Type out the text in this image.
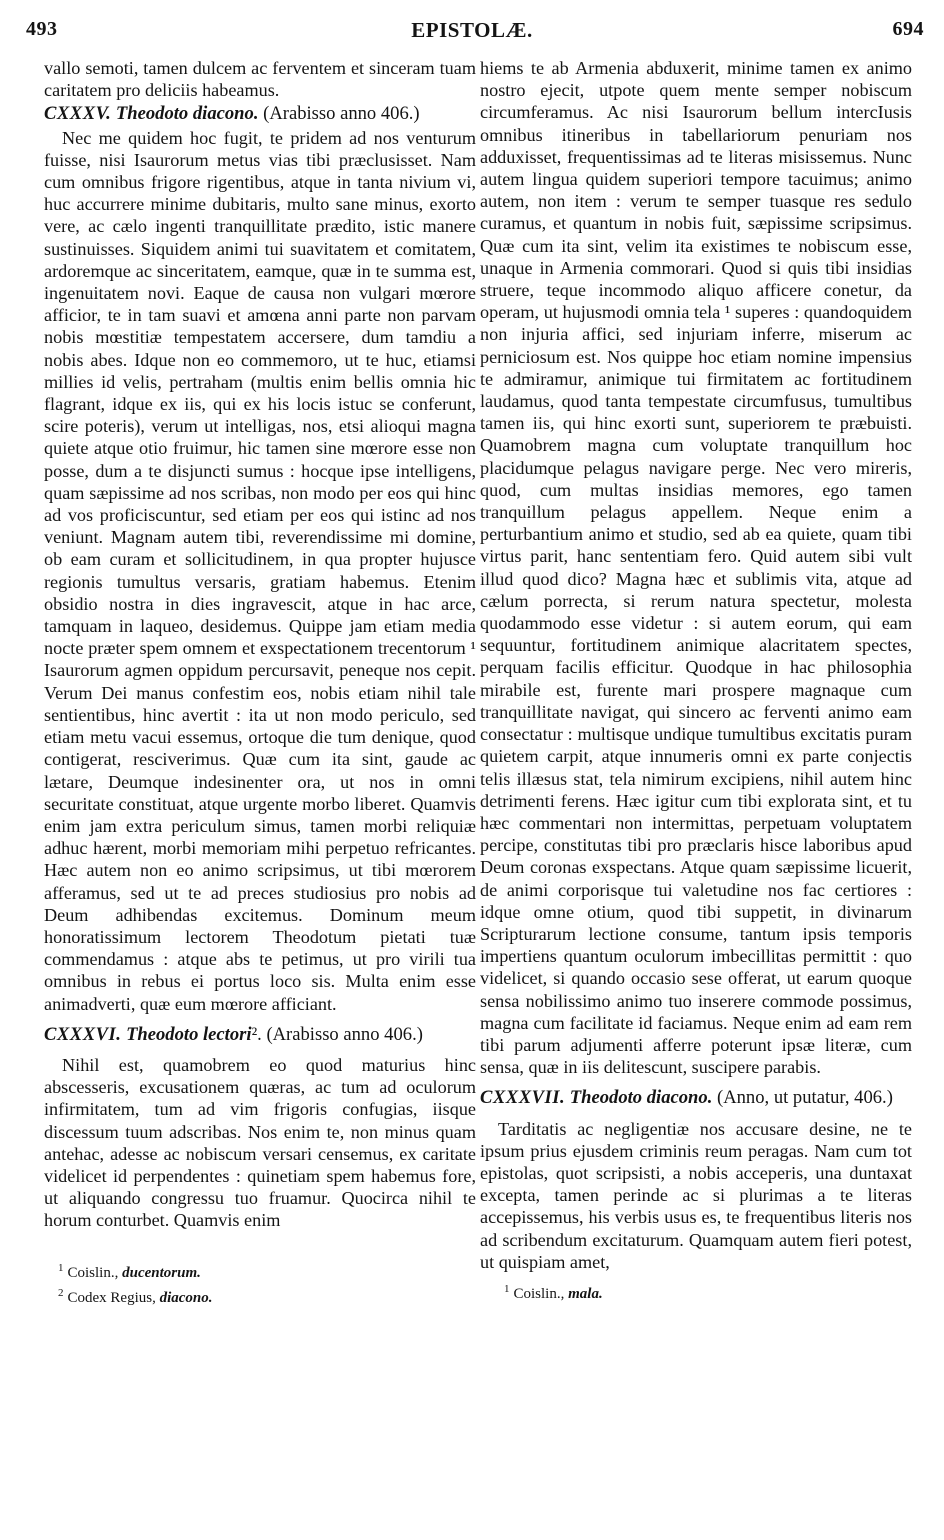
493	EPISTOLÆ.	694

vallo semoti, tamen dulcem ac ferventem et sinceram tuam caritatem pro deliciis habeamus.

CXXXV. Theodoto diacono. (Arabisso anno 406.)

Nec me quidem hoc fugit, te pridem ad nos venturum fuisse, nisi Isaurorum metus vias tibi præclusisset. Nam cum omnibus frigore rigentibus, atque in tanta nivium vi, huc accurrere minime dubitaris, multo sane minus, exorto vere, ac cælo ingenti tranquillitate prædito, istic manere sustinuisses. Siquidem animi tui suavitatem et comitatem, ardoremque ac sinceritatem, eamque, quæ in te summa est, ingenuitatem novi. Eaque de causa non vulgari mœrore afficior, te in tam suavi et amœna anni parte non parvam nobis mœstitiæ tempestatem accersere, dum tamdiu a nobis abes. Idque non eo commemoro, ut te huc, etiamsi millies id velis, pertraham (multis enim bellis omnia hic flagrant, idque ex iis, qui ex his locis istuc se conferunt, scire poteris), verum ut intelligas, nos, etsi alioqui magna quiete atque otio fruimur, hic tamen sine mœrore esse non posse, dum a te disjuncti sumus : hocque ipse intelligens, quam sæpissime ad nos scribas, non modo per eos qui hinc ad vos proficiscuntur, sed etiam per eos qui istinc ad nos veniunt. Magnam autem tibi, reverendissime mi domine, ob eam curam et sollicitudinem, in qua propter hujusce regionis tumultus versaris, gratiam habemus. Etenim obsidio nostra in dies ingravescit, atque in hac arce, tamquam in laqueo, desidemus. Quippe jam etiam media nocte præter spem omnem et exspectationem trecentorum ¹ Isaurorum agmen oppidum percursavit, peneque nos cepit. Verum Dei manus confestim eos, nobis etiam nihil tale sentientibus, hinc avertit : ita ut non modo periculo, sed etiam metu vacui essemus, ortoque die tum denique, quod contigerat, resciverimus. Quæ cum ita sint, gaude ac lætare, Deumque indesinenter ora, ut nos in omni securitate constituat, atque urgente morbo liberet. Quamvis enim jam extra periculum simus, tamen morbi reliquiæ adhuc hærent, morbi memoriam mihi perpetuo refricantes. Hæc autem non eo animo scripsimus, ut tibi mœrorem afferamus, sed ut te ad preces studiosius pro nobis ad Deum adhibendas excitemus. Dominum meum honoratissimum lectorem Theodotum pietati tuæ commendamus : atque abs te petimus, ut pro virili tua omnibus in rebus ei portus loco sis. Multa enim esse animadverti, quæ eum mœrore afficiant.

CXXXVI. Theodoto lectori². (Arabisso anno 406.)

Nihil est, quamobrem eo quod maturius hinc abscesseris, excusationem quæras, ac tum ad oculorum infirmitatem, tum ad vim frigoris confugias, iisque discessum tuum adscribas. Nos enim te, non minus quam antehac, adesse ac nobiscum versari censemus, ex caritate videlicet id perpendentes : quinetiam spem habemus fore, ut aliquando congressu tuo fruamur. Quocirca nihil te horum conturbet. Quamvis enim

$^1$ Coislin., ducentorum.
$^2$ Codex Regius, diacono.

hiems te ab Armenia abduxerit, minime tamen ex animo nostro ejecit, utpote quem mente semper nobiscum circumferamus. Ac nisi Isaurorum bellum intercIusis omnibus itineribus in tabellariorum penuriam nos adduxisset, frequentissimas ad te literas misissemus. Nunc autem lingua quidem superiori tempore tacuimus; animo autem, non item : verum te semper tuasque res sedulo curamus, et quantum in nobis fuit, sæpissime scripsimus. Quæ cum ita sint, velim ita existimes te nobiscum esse, unaque in Armenia commorari. Quod si quis tibi insidias struere, teque incommodo aliquo afficere conetur, da operam, ut hujusmodi omnia tela ¹ superes : quandoquidem non injuria affici, sed injuriam inferre, miserum ac perniciosum est. Nos quippe hoc etiam nomine impensius te admiramur, animique tui firmitatem ac fortitudinem laudamus, quod tanta tempestate circumfusus, tumultibus tamen iis, qui hinc exorti sunt, superiorem te præbuisti. Quamobrem magna cum voluptate tranquillum hoc placidumque pelagus navigare perge. Nec vero mireris, quod, cum multas insidias memores, ego tamen tranquillum pelagus appellem. Neque enim a perturbantium animo et studio, sed ab ea quiete, quam tibi virtus parit, hanc sententiam fero. Quid autem sibi vult illud quod dico? Magna hæc et sublimis vita, atque ad cælum porrecta, si rerum natura spectetur, molesta quodammodo esse videtur : si autem eorum, qui eam sequuntur, fortitudinem animique alacritatem spectes, perquam facilis efficitur. Quodque in hac philosophia mirabile est, furente mari prospere magnaque cum tranquillitate navigat, qui sincero ac ferventi animo eam consectatur : multisque undique tumultibus excitatis puram quietem carpit, atque innumeris omni ex parte conjectis telis illæsus stat, tela nimirum excipiens, nihil autem hinc detrimenti ferens. Hæc igitur cum tibi explorata sint, et tu hæc commentari non intermittas, perpetuam voluptatem percipe, constitutas tibi pro præclaris hisce laboribus apud Deum coronas exspectans. Atque quam sæpissime licuerit, de animi corporisque tui valetudine nos fac certiores : idque omne otium, quod tibi suppetit, in divinarum Scripturarum lectione consume, tantum ipsis temporis impertiens quantum oculorum imbecillitas permittit : quo videlicet, si quando occasio sese offerat, ut earum quoque sensa nobilissimo animo tuo inserere commode possimus, magna cum facilitate id faciamus. Neque enim ad eam rem tibi parum adjumenti afferre poterunt ipsæ literæ, cum sensa, quæ in iis delitescunt, suscipere parabis.

CXXXVII. Theodoto diacono. (Anno, ut putatur, 406.)

Tarditatis ac negligentiæ nos accusare desine, ne te ipsum prius ejusdem criminis reum peragas. Nam cum tot epistolas, quot scripsisti, a nobis acceperis, una duntaxat excepta, tamen perinde ac si plurimas a te literas accepissemus, his verbis usus es, te frequentibus literis nos ad scribendum excitaturum. Quamquam autem fieri potest, ut quispiam amet,

$^1$ Coislin., mala.
